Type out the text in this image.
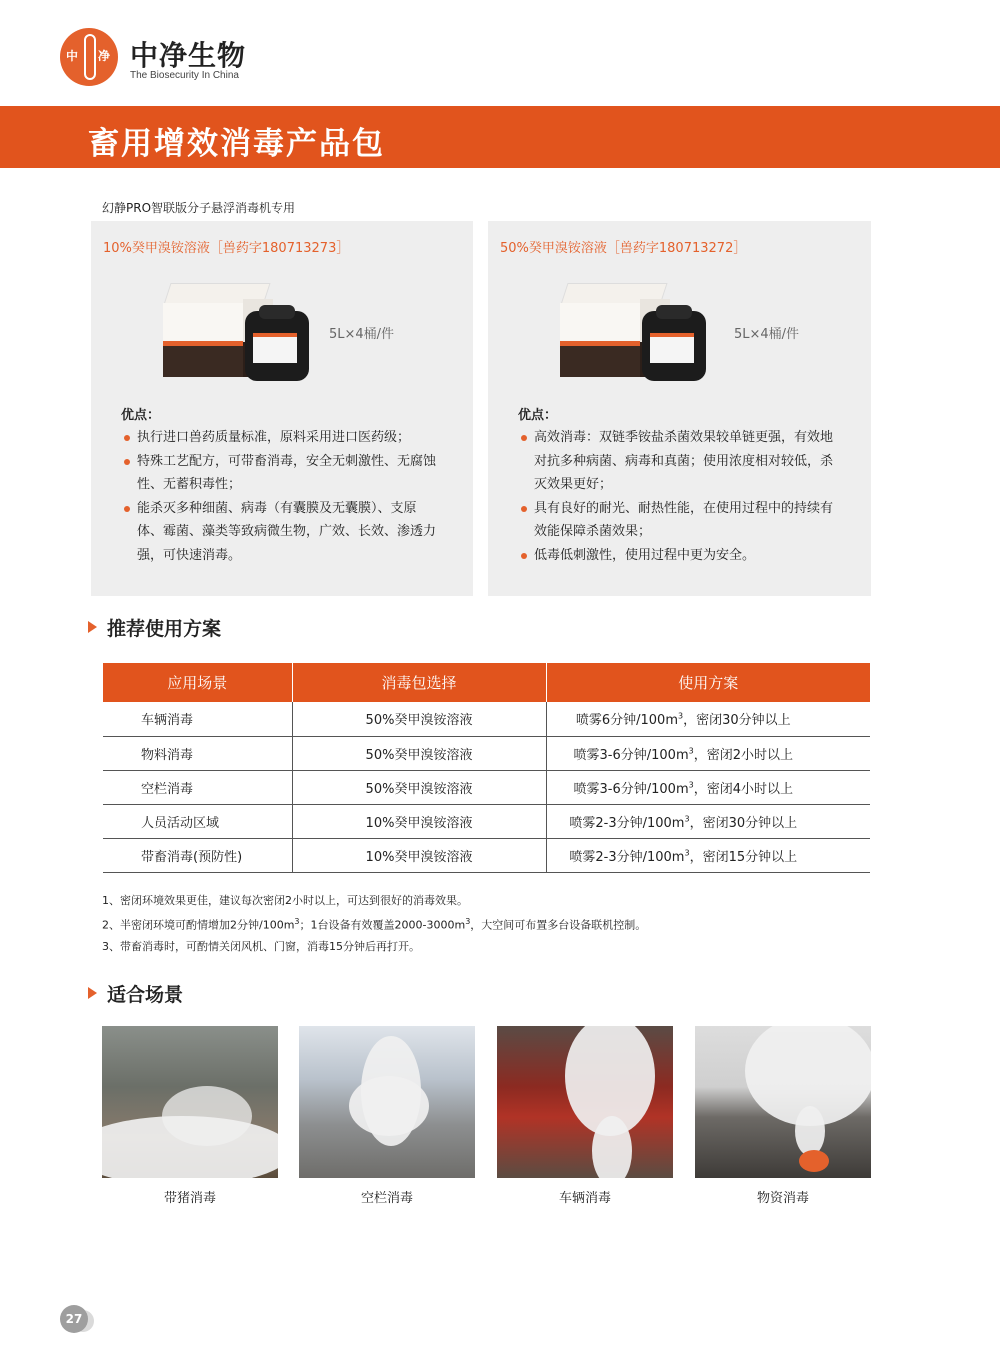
中 净 中净生物
The Biosecurity In China
畜用增效消毒产品包
幻静PRO智联版分子悬浮消毒机专用
10%癸甲溴铵溶液［兽药字180713273］
5L×4桶/件
优点：
执行进口兽药质量标准，原料采用进口医药级；
特殊工艺配方，可带畜消毒，安全无刺激性、无腐蚀性、无蓄积毒性；
能杀灭多种细菌、病毒（有囊膜及无囊膜）、支原体、霉菌、藻类等致病微生物，广效、长效、渗透力强，可快速消毒。
50%癸甲溴铵溶液［兽药字180713272］
5L×4桶/件
优点：
高效消毒：双链季铵盐杀菌效果较单链更强，有效地对抗多种病菌、病毒和真菌；使用浓度相对较低，杀灭效果更好；
具有良好的耐光、耐热性能，在使用过程中的持续有效能保障杀菌效果；
低毒低刺激性，使用过程中更为安全。
推荐使用方案
应用场景	消毒包选择	使用方案
车辆消毒	50%癸甲溴铵溶液	喷雾6分钟$/100m^3$，密闭30分钟以上
物料消毒	50%癸甲溴铵溶液	喷雾3-6分钟$/100m^3$，密闭2小时以上
空栏消毒	50%癸甲溴铵溶液	喷雾3-6分钟$/100m^3$，密闭4小时以上
人员活动区域	10%癸甲溴铵溶液	喷雾2-3分钟$/100m^3$，密闭30分钟以上
带畜消毒(预防性)	10%癸甲溴铵溶液	喷雾2-3分钟$/100m^3$，密闭15分钟以上
1、密闭环境效果更佳，建议每次密闭2小时以上，可达到很好的消毒效果。
2、半密闭环境可酌情增加2分钟$/100m^3$；1台设备有效覆盖$2000-3000m^3$，大空间可布置多台设备联机控制。
3、带畜消毒时，可酌情关闭风机、门窗，消毒15分钟后再打开。
适合场景
带猪消毒	空栏消毒	车辆消毒	物资消毒
27
